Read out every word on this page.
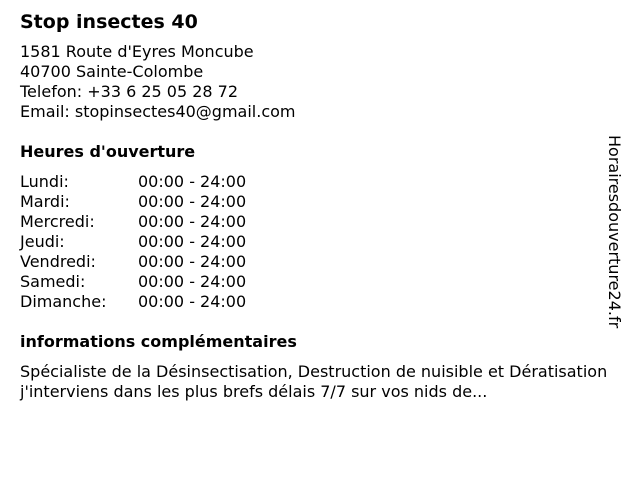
Stop insectes 40

1581 Route d'Eyres Moncube

40700 Sainte-Colombe

Telefon: +33 6 25 05 28 72

Email: stopinsectes40@gmail.com

Heures d'ouverture
Lundi:	00:00 - 24:00
Mardi:	00:00 - 24:00
Mercredi:	00:00 - 24:00
Jeudi:	00:00 - 24:00
Vendredi:	00:00 - 24:00
Samedi:	00:00 - 24:00
Dimanche:	00:00 - 24:00
informations complémentaires

Spécialiste de la Désinsectisation, Destruction de nuisible et Dératisation j'interviens dans les plus brefs délais 7/7 sur vos nids de...

Horairesdouverture24.fr
